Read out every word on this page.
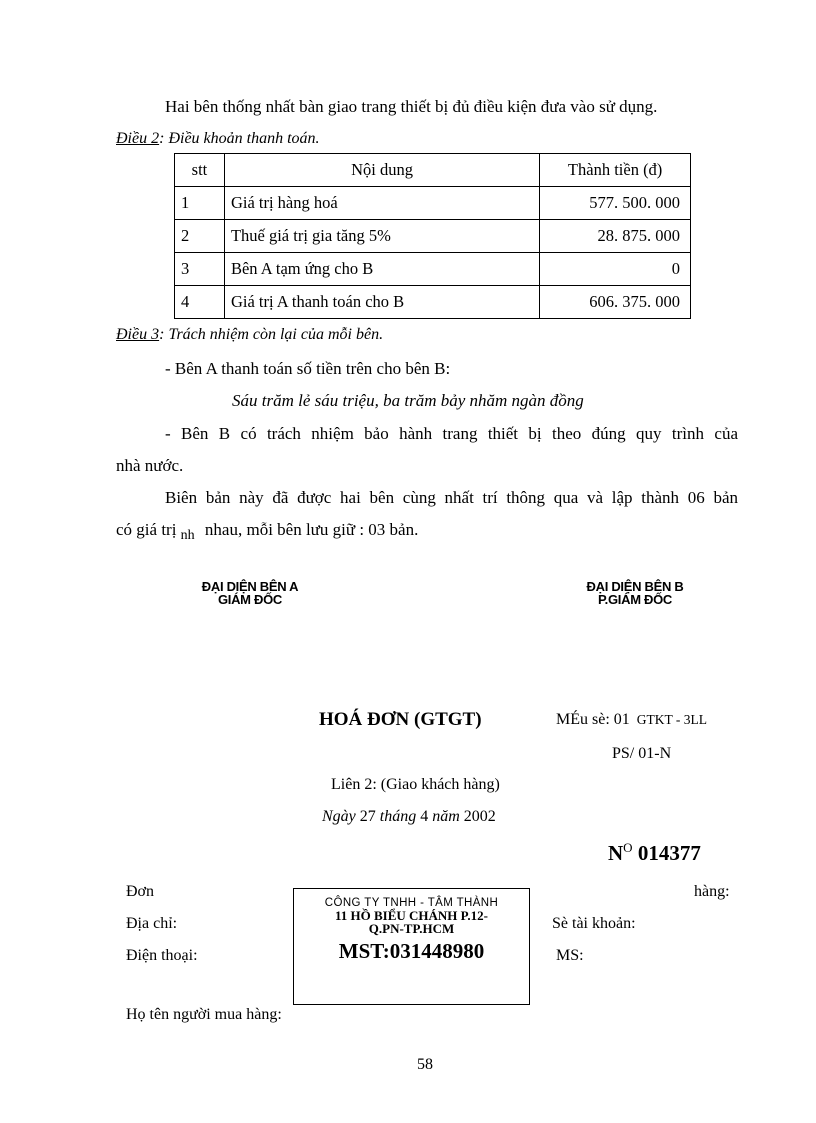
Hai bên thống nhất bàn giao trang thiết bị đủ điều kiện đưa vào sử dụng.
Điều 2: Điều khoản thanh toán.
stt	Nội dung	Thành tiền (đ)
1	Giá trị hàng hoá	577. 500. 000
2	Thuế giá trị gia tăng 5%	28. 875. 000
3	Bên A tạm ứng cho B	0
4	Giá trị A thanh toán cho B	606. 375. 000
Điều 3: Trách nhiệm còn lại của mỗi bên.
- Bên A thanh toán số tiền trên cho bên B:
Sáu trăm lẻ sáu triệu, ba trăm bảy nhăm ngàn đồng
- Bên B có trách nhiệm bảo hành trang thiết bị theo đúng quy trình của
nhà nước.
Biên bản này đã được hai bên cùng nhất trí thông qua và lập thành 06 bản
có giá trị $_{nh}$ nhau, mỗi bên lưu giữ : 03 bản.
ĐẠI DIỆN BÊN A
GIÁM ĐỐC
ĐẠI DIỆN BÊN B
P.GIÁM ĐỐC
HOÁ ĐƠN (GTGT)	MÉu sè: 01 GTKT - 3LL
PS/ 01-N
Liên 2: (Giao khách hàng)
Ngày 27 tháng 4 năm 2002
$N^O$ 014377
Đơn	hàng:
Địa chỉ:	Sè tài khoản:
Điện thoại:	MS:
CÔNG TY TNHH - TÂM THÀNH
11 HỒ BIỂU CHÁNH P.12-
Q.PN-TP.HCM
MST:031448980
Họ tên người mua hàng:
58
